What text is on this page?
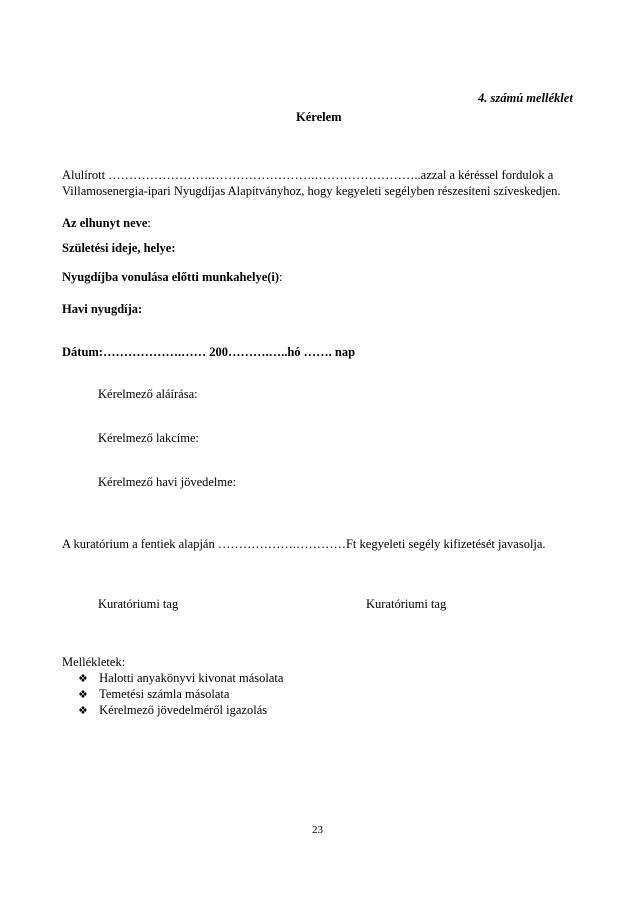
4. számú melléklet
Kérelem
Alulírott …………………….…………………….……………………..azzal a kéréssel fordulok a
Villamosenergia-ipari Nyugdíjas Alapítványhoz, hogy kegyeleti segélyben részesíteni szíveskedjen.
Az elhunyt neve:
Születési ideje, helye:
Nyugdíjba vonulása előtti munkahelye(i):
Havi nyugdíja:
Dátum:……………….…… 200……….…..hó ……. nap
Kérelmező aláírása:
Kérelmező lakcíme:
Kérelmező havi jövedelme:
A kuratórium a fentiek alapján ……………….…………Ft kegyeleti segély kifizetését javasolja.
Kuratóriumi tag	Kuratóriumi tag
Mellékletek:
❖ Halotti anyakönyvi kivonat másolata
❖ Temetési számla másolata
❖ Kérelmező jövedelméről igazolás
23
